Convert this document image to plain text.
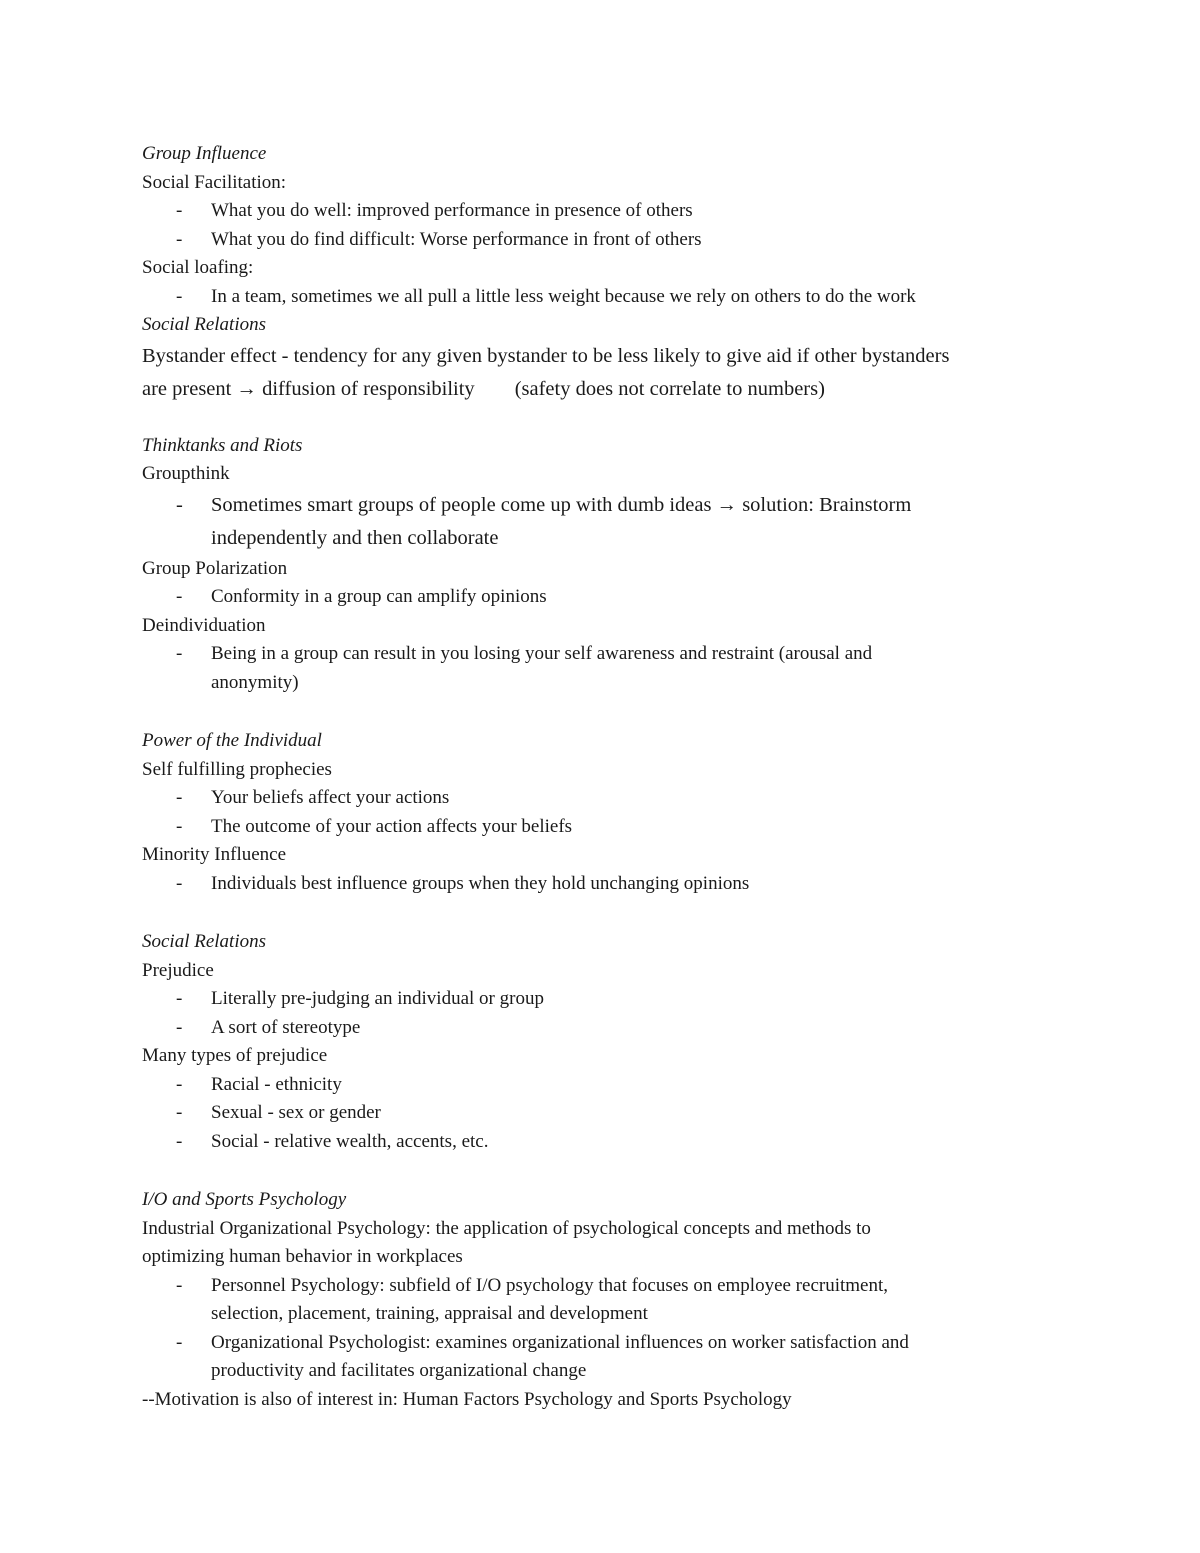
Group Influence
Social Facilitation:
- What you do well: improved performance in presence of others
- What you do find difficult: Worse performance in front of others
Social loafing:
- In a team, sometimes we all pull a little less weight because we rely on others to do the work
Social Relations
Bystander effect - tendency for any given bystander to be less likely to give aid if other bystanders
are present → diffusion of responsibility (safety does not correlate to numbers)
Thinktanks and Riots
Groupthink
- Sometimes smart groups of people come up with dumb ideas → solution: Brainstorm
independently and then collaborate
Group Polarization
- Conformity in a group can amplify opinions
Deindividuation
- Being in a group can result in you losing your self awareness and restraint (arousal and
anonymity)
Power of the Individual
Self fulfilling prophecies
- Your beliefs affect your actions
- The outcome of your action affects your beliefs
Minority Influence
- Individuals best influence groups when they hold unchanging opinions
Social Relations
Prejudice
- Literally pre-judging an individual or group
- A sort of stereotype
Many types of prejudice
- Racial - ethnicity
- Sexual - sex or gender
- Social - relative wealth, accents, etc.
I/O and Sports Psychology
Industrial Organizational Psychology: the application of psychological concepts and methods to
optimizing human behavior in workplaces
- Personnel Psychology: subfield of I/O psychology that focuses on employee recruitment,
selection, placement, training, appraisal and development
- Organizational Psychologist: examines organizational influences on worker satisfaction and
productivity and facilitates organizational change
--Motivation is also of interest in: Human Factors Psychology and Sports Psychology
